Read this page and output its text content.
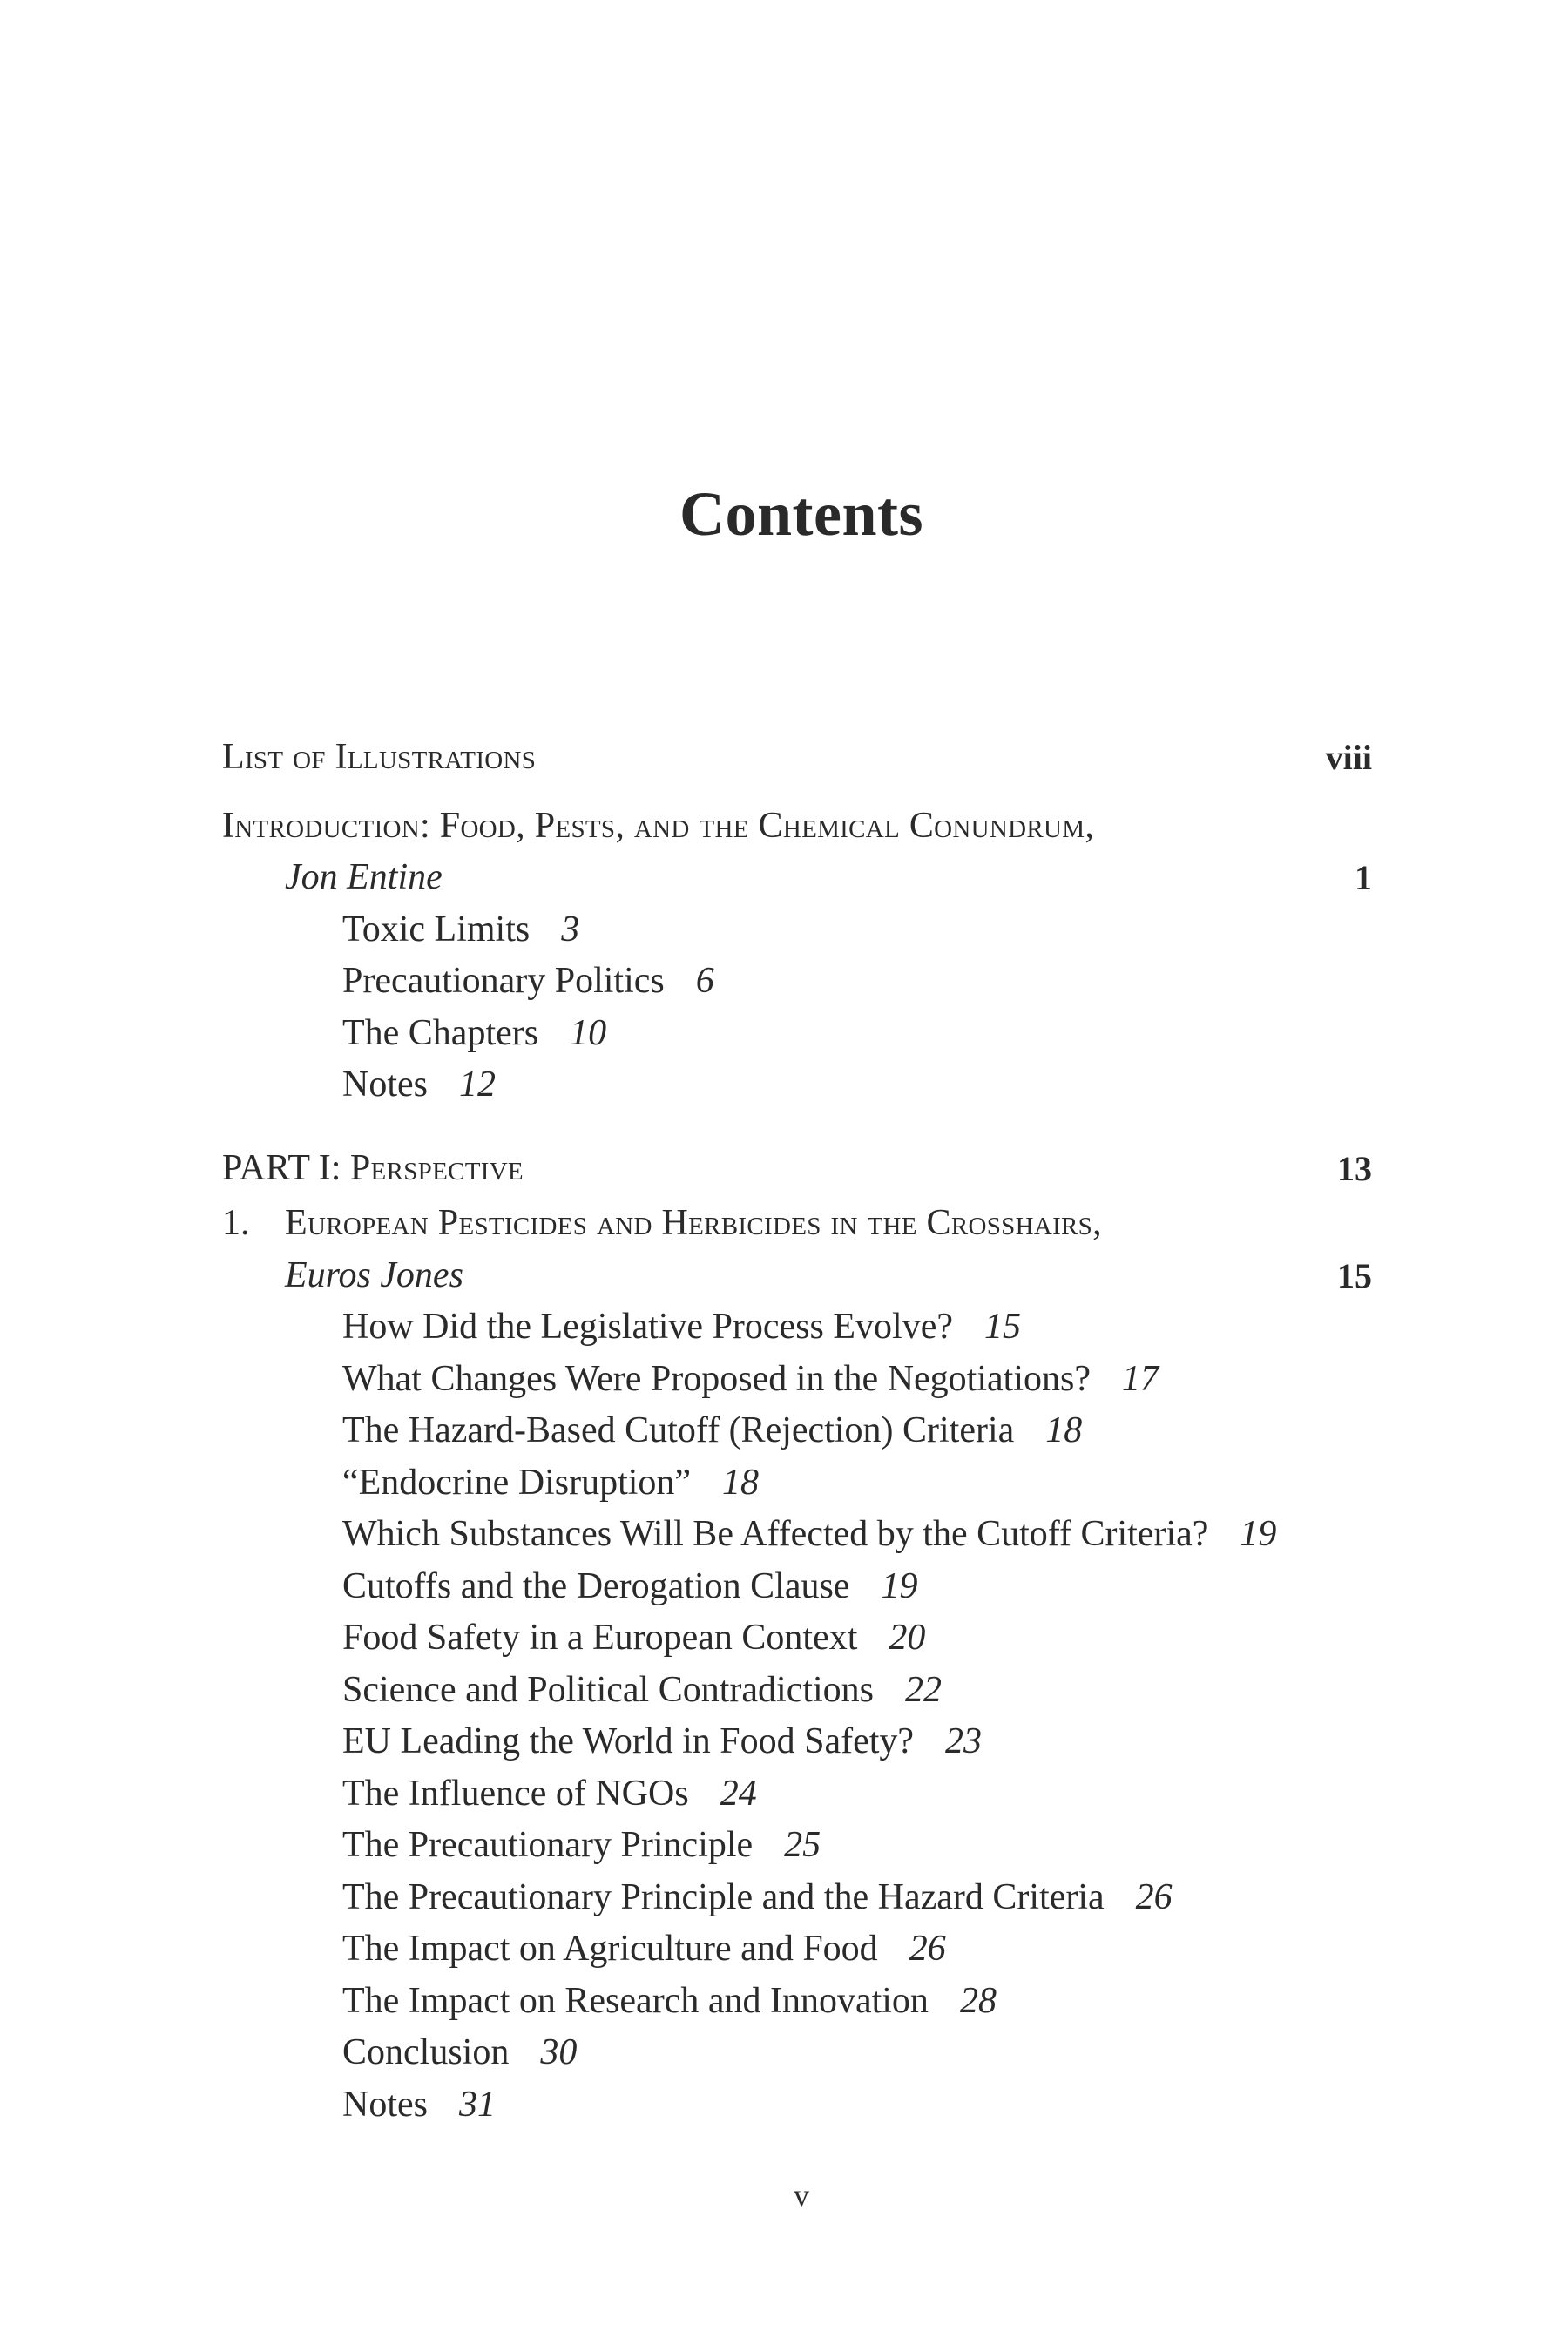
Contents
List of Illustrations	viii
Introduction: Food, Pests, and the Chemical Conundrum,
Jon Entine	1
Toxic Limits 3
Precautionary Politics 6
The Chapters 10
Notes 12
PART I: Perspective	13
1. European Pesticides and Herbicides in the Crosshairs,
Euros Jones	15
How Did the Legislative Process Evolve? 15
What Changes Were Proposed in the Negotiations? 17
The Hazard-Based Cutoff (Rejection) Criteria 18
“Endocrine Disruption” 18
Which Substances Will Be Affected by the Cutoff Criteria? 19
Cutoffs and the Derogation Clause 19
Food Safety in a European Context 20
Science and Political Contradictions 22
EU Leading the World in Food Safety? 23
The Influence of NGOs 24
The Precautionary Principle 25
The Precautionary Principle and the Hazard Criteria 26
The Impact on Agriculture and Food 26
The Impact on Research and Innovation 28
Conclusion 30
Notes 31
v
